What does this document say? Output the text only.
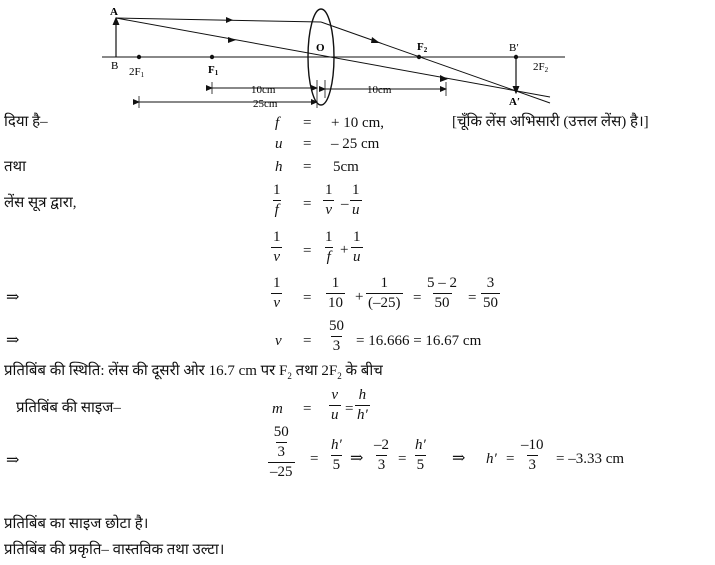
A
B
O	F2	B′
A′
2F1	F1	2F2
10cm
25cm
10cm
दिया है–	f = + 10 cm,	[चूँकि लेंस अभिसारी (उत्तल लेंस) है।]
u = – 25 cm
तथा	h = 5cm
लेंस सूत्र द्वारा,	$\frac{1}{f} = \frac{1}{v} - \frac{1}{u}$
$\frac{1}{v} = \frac{1}{f} + \frac{1}{u}$
⇒	$\frac{1}{v} = \frac{1}{10} + \frac{1}{(-25)} = \frac{5 - 2}{50} = \frac{3}{50}$
⇒	$v = \frac{50}{3} = 16.666 = 16.67$ cm
प्रतिबिंब की स्थिति: लेंस की दूसरी ओर 16.7 cm पर $F_2$ तथा $2F_2$ के बीच
प्रतिबिंब की साइज–	$m = \frac{v}{u} = \frac{h}{h'}$
⇒	50
3
$-25 = \frac{h'}{5}$ ⇒ $\frac{-2}{3} = \frac{h'}{5}$ ⇒ $h' = \frac{-10}{3} = -3.33$ cm
प्रतिबिंब का साइज छोटा है।
प्रतिबिंब की प्रकृति– वास्तविक तथा उल्टा।
